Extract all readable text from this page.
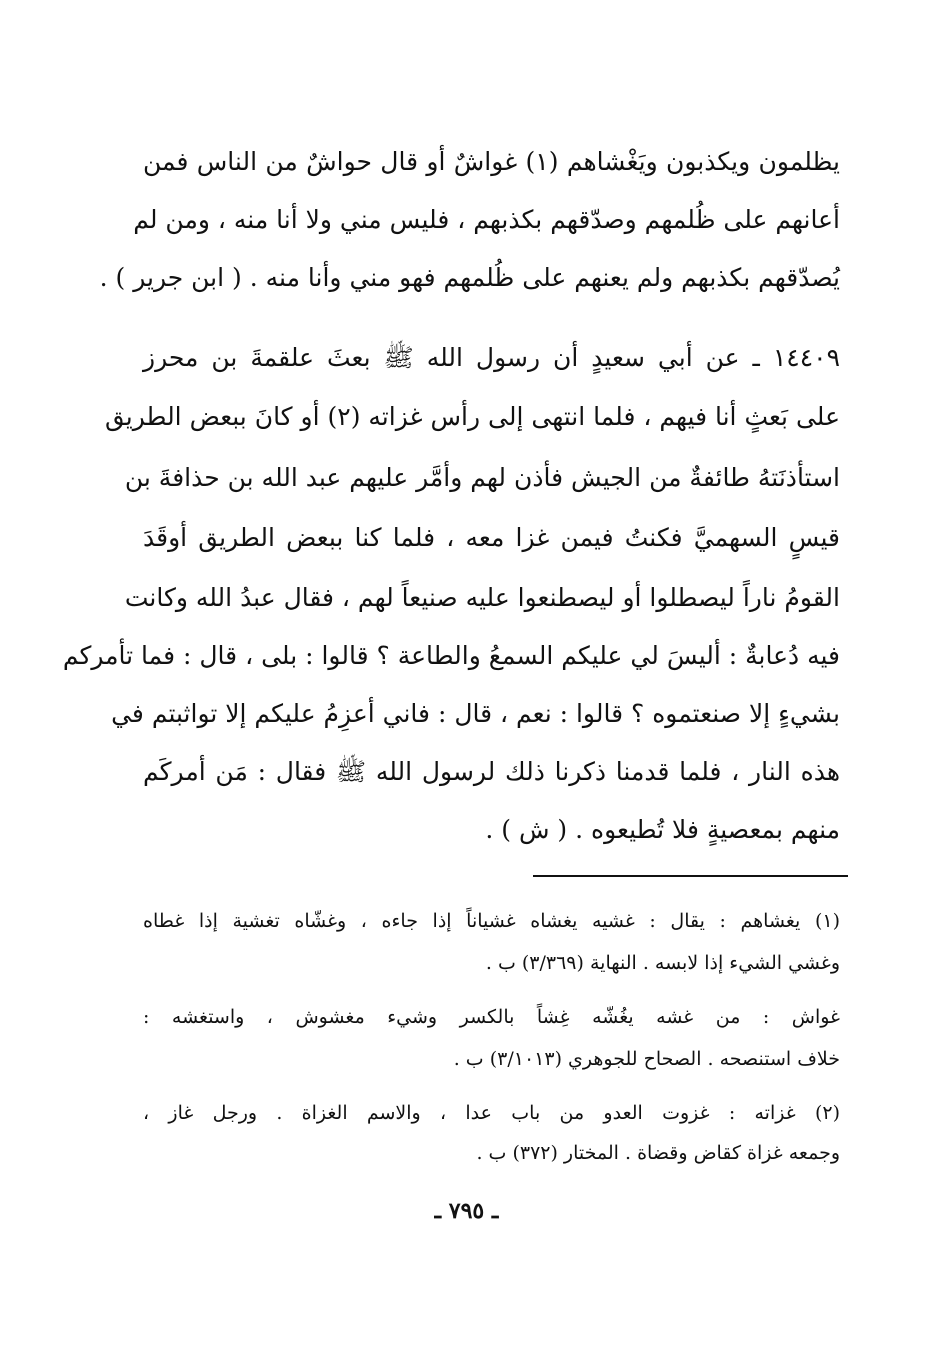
يظلمون ويكذبون ويَغْشاهم (١) غواشٌ أو قال حواشٌ من الناس فمن
أعانهم على ظُلمهم وصدّقهم بكذبهم ، فليس مني ولا أنا منه ، ومن لم
يُصدّقهم بكذبهم ولم يعنهم على ظُلمهم فهو مني وأنا منه . ( ابن جرير ) .
١٤٤٠٩ ـ عن أبي سعيدٍ أن رسول الله ﷺ بعثَ علقمةَ بن محرز
على بَعثٍ أنا فيهم ، فلما انتهى إلى رأس غزاته (٢) أو كانَ ببعض الطريق
استأذنَتهُ طائفةٌ من الجيش فأذن لهم وأمَّر عليهم عبد الله بن حذافةَ بن
قيسٍ السهميَّ فكنتُ فيمن غزا معه ، فلما كنا ببعض الطريق أوقَدَ
القومُ ناراً ليصطلوا أو ليصطنعوا عليه صنيعاً لهم ، فقال عبدُ الله وكانت
فيه دُعابةٌ : أليسَ لي عليكم السمعُ والطاعة ؟ قالوا : بلى ، قال : فما تأمركم
بشيءٍ إلا صنعتموه ؟ قالوا : نعم ، قال : فاني أعزِمُ عليكم إلا تواثبتم في
هذه النار ، فلما قدمنا ذكرنا ذلك لرسول الله ﷺ فقال : مَن أمركَم
منهم بمعصيةٍ فلا تُطيعوه . ( ش ) .
(١) يغشاهم : يقال : غشيه يغشاه غشياناً إذا جاءه ، وغشّاه تغشية إذا غطاه
وغشي الشيء إذا لابسه . النهاية (٣/٣٦٩) ب .
غواش : من غشه يغُشّه غِشاً بالكسر وشيء مغشوش ، واستغشه :
خلاف استنصحه . الصحاح للجوهري (٣/١٠١٣) ب .
(٢) غزاته : غزوت العدو من باب عدا ، والاسم الغزاة . ورجل غاز ،
وجمعه غزاة كقاض وقضاة . المختار (٣٧٢) ب .
ـ ٧٩٥ ـ
